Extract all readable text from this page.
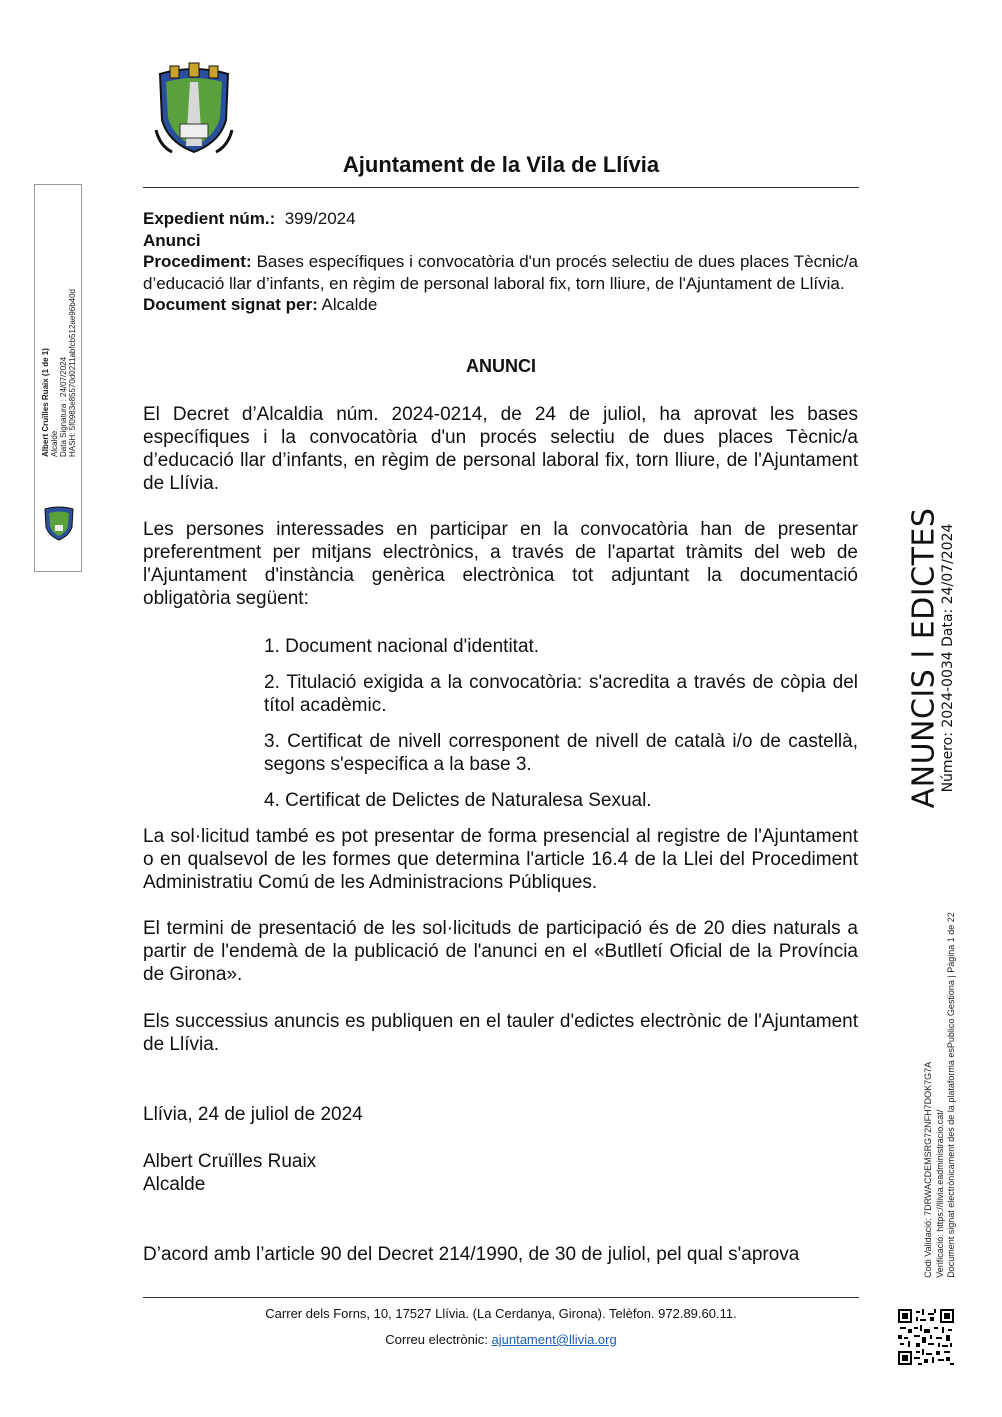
Ajuntament de la Vila de Llívia
Expedient núm.: 399/2024
Anunci
Procediment: Bases específiques i convocatòria d'un procés selectiu de dues places Tècnic/a d’educació llar d’infants, en règim de personal laboral fix, torn lliure, de l'Ajuntament de Llívia.
Document signat per: Alcalde
ANUNCI

El Decret d’Alcaldia núm. 2024-0214, de 24 de juliol, ha aprovat les bases específiques i la convocatòria d'un procés selectiu de dues places Tècnic/a d’educació llar d’infants, en règim de personal laboral fix, torn lliure, de l'Ajuntament de Llívia.

Les persones interessades en participar en la convocatòria han de presentar preferentment per mitjans electrònics, a través de l'apartat tràmits del web de l'Ajuntament d'instància genèrica electrònica tot adjuntant la documentació obligatòria següent:

1. Document nacional d'identitat.

2. Titulació exigida a la convocatòria: s'acredita a través de còpia del títol acadèmic.

3. Certificat de nivell corresponent de nivell de català i/o de castellà, segons s'especifica a la base 3.

4. Certificat de Delictes de Naturalesa Sexual.

La sol·licitud també es pot presentar de forma presencial al registre de l'Ajuntament o en qualsevol de les formes que determina l'article 16.4 de la Llei del Procediment Administratiu Comú de les Administracions Públiques.

El termini de presentació de les sol·licituds de participació és de 20 dies naturals a partir de l'endemà de la publicació de l'anunci en el «Butlletí Oficial de la Província de Girona».

Els successius anuncis es publiquen en el tauler d'edictes electrònic de l'Ajuntament de Llívia.

Llívia, 24 de juliol de 2024

Albert Cruïlles Ruaix

Alcalde

D’acord amb l’article 90 del Decret 214/1990, de 30 de juliol, pel qual s'aprova

Carrer dels Forns, 10, 17527 Llívia. (La Cerdanya, Girona). Telèfon. 972.89.60.11.
Correu electrònic: ajuntament@llivia.org
Albert Cruïlles Ruaix (1 de 1) Alcalde Data Signatura : 24/07/2024 HASH: 5f0983e85570d0211abfcb512ae96b40d
ANUNCIS I EDICTES
Número: 2024-0034 Data: 24/07/2024
Codi Validació: 7DRWACDEMSRG72NFH7DOK7G7A Verificació: https://llivia.eadministracio.cat/ Document signat electrònicament des de la plataforma esPublico Gestiona | Pàgina 1 de 22
